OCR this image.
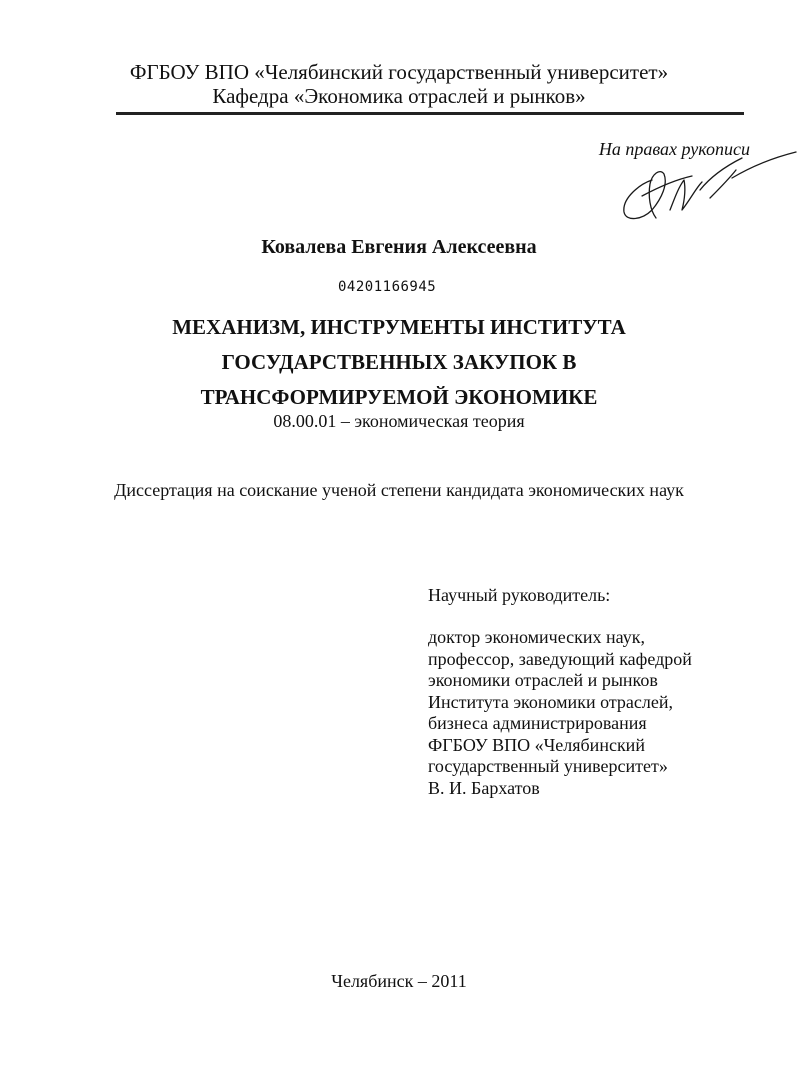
ФГБОУ ВПО «Челябинский государственный университет»
Кафедра «Экономика отраслей и рынков»
На правах рукописи
Ковалева Евгения Алексеевна
04201166945
МЕХАНИЗМ, ИНСТРУМЕНТЫ ИНСТИТУТА
ГОСУДАРСТВЕННЫХ ЗАКУПОК В
ТРАНСФОРМИРУЕМОЙ ЭКОНОМИКЕ
08.00.01 – экономическая теория
Диссертация на соискание ученой степени кандидата экономических наук
Научный руководитель:
доктор экономических наук,
профессор, заведующий кафедрой
экономики отраслей и рынков
Института экономики отраслей,
бизнеса администрирования
ФГБОУ ВПО «Челябинский
государственный университет»
В. И. Бархатов
Челябинск – 2011
